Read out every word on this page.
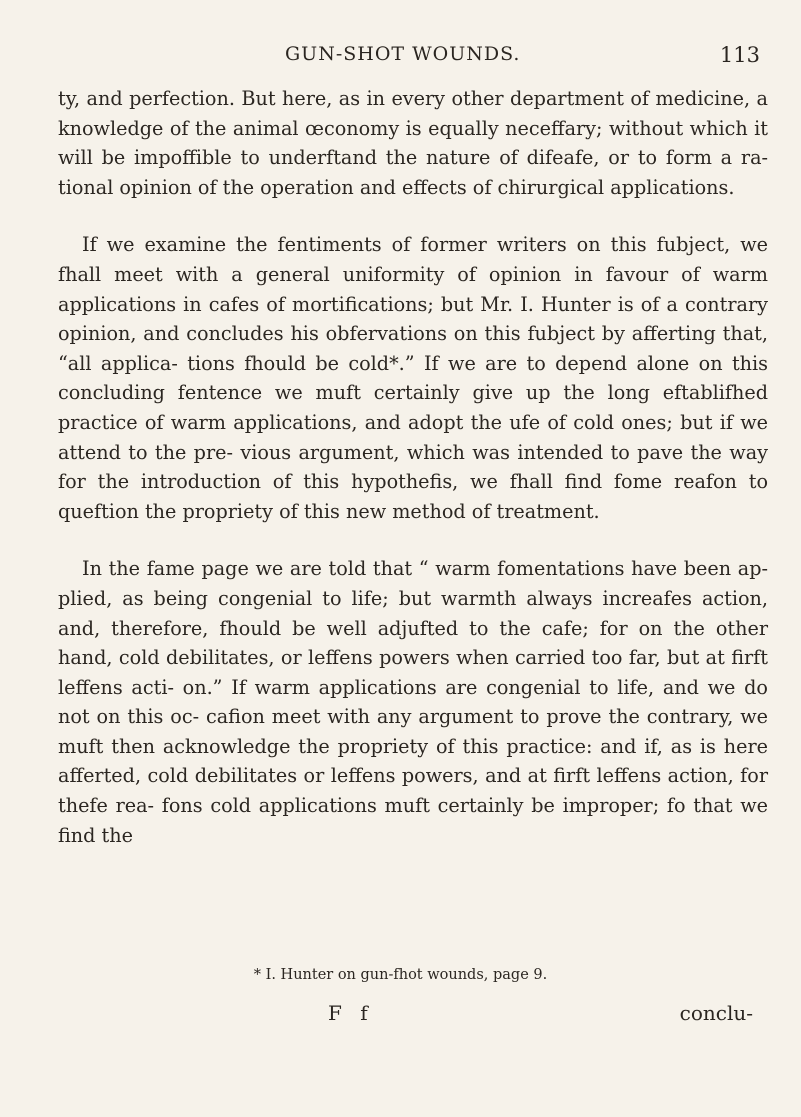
GUN-SHOT WOUNDS.	113

ty, and perfection. But here, as in every other department of medicine, a knowledge of the animal œconomy is equally neceffary; without which it will be impoffible to underftand the nature of difeafe, or to form a ra- tional opinion of the operation and effects of chirurgical applications.

If we examine the fentiments of former writers on this fubject, we fhall meet with a general uniformity of opinion in favour of warm applications in cafes of mortifications; but Mr. I. Hunter is of a contrary opinion, and concludes his obfervations on this fubject by afferting that, “all applica- tions fhould be cold*.” If we are to depend alone on this concluding fentence we muft certainly give up the long eftablifhed practice of warm applications, and adopt the ufe of cold ones; but if we attend to the pre- vious argument, which was intended to pave the way for the introduction of this hypothefis, we fhall find fome reafon to queftion the propriety of this new method of treatment.

In the fame page we are told that “ warm fomentations have been ap- plied, as being congenial to life; but warmth always increafes action, and, therefore, fhould be well adjufted to the cafe; for on the other hand, cold debilitates, or leffens powers when carried too far, but at firft leffens acti- on.” If warm applications are congenial to life, and we do not on this oc- cafion meet with any argument to prove the contrary, we muft then acknowledge the propriety of this practice: and if, as is here afferted, cold debilitates or leffens powers, and at firft leffens action, for thefe rea- fons cold applications muft certainly be improper; fo that we find the

* I. Hunter on gun-fhot wounds, page 9.
F f	conclu-
